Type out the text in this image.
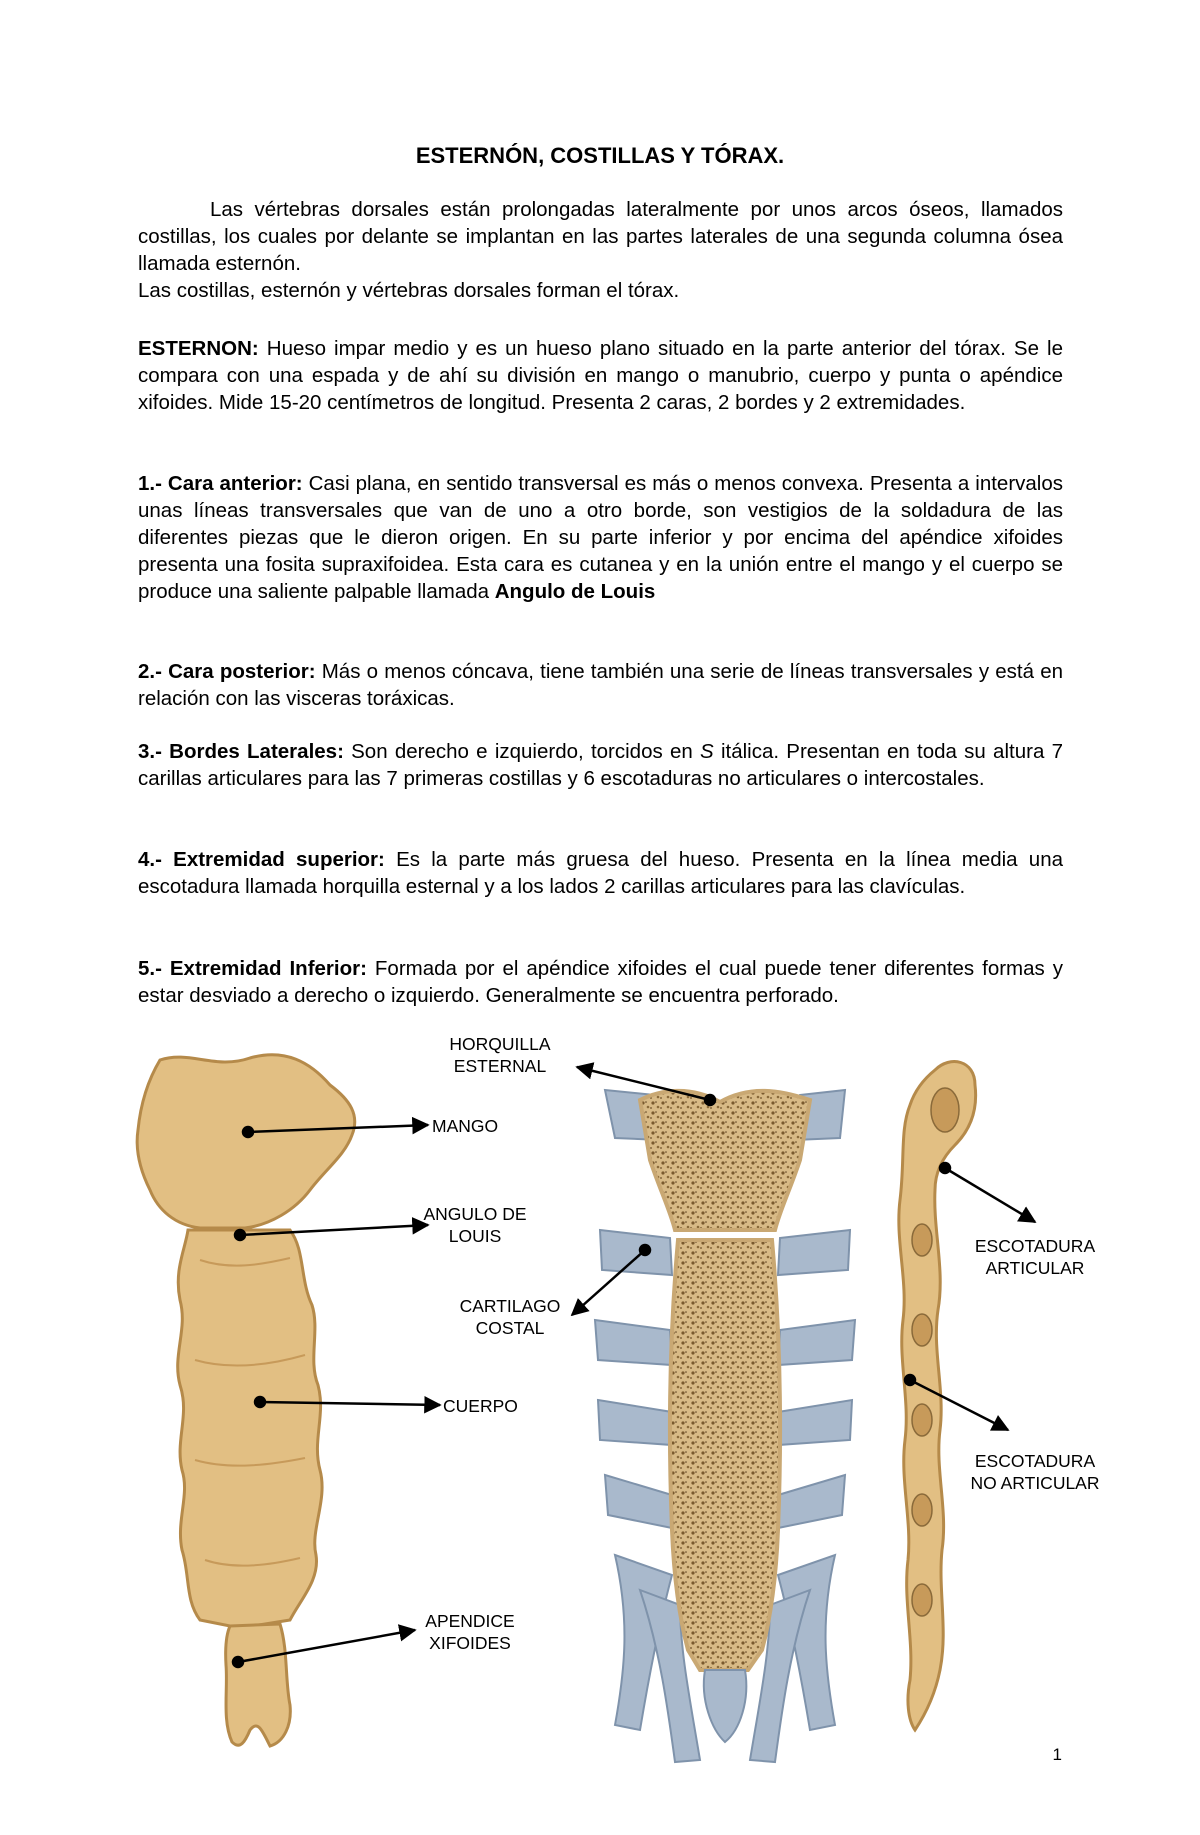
ESTERNÓN, COSTILLAS Y TÓRAX.

Las vértebras dorsales están prolongadas lateralmente por unos arcos óseos, llamados costillas, los cuales por delante se implantan en las partes laterales de una segunda columna ósea llamada esternón.

Las costillas, esternón y vértebras dorsales forman el tórax.

ESTERNON: Hueso impar medio y es un hueso plano situado en la parte anterior del tórax. Se le compara con una espada y de ahí su división en mango o manubrio, cuerpo y punta o apéndice xifoides. Mide 15-20 centímetros de longitud. Presenta 2 caras, 2 bordes y 2 extremidades.

1.- Cara anterior: Casi plana, en sentido transversal es más o menos convexa. Presenta a intervalos unas líneas transversales que van de uno a otro borde, son vestigios de la soldadura de las diferentes piezas que le dieron origen. En su parte inferior y por encima del apéndice xifoides presenta una fosita supraxifoidea. Esta cara es cutanea y en la unión entre el mango y el cuerpo se produce una saliente palpable llamada Angulo de Louis

2.- Cara posterior: Más o menos cóncava, tiene también una serie de líneas transversales y está en relación con las visceras toráxicas.

3.- Bordes Laterales: Son derecho e izquierdo, torcidos en S itálica. Presentan en toda su altura 7 carillas articulares para las 7 primeras costillas y 6 escotaduras no articulares o intercostales.

4.- Extremidad superior: Es la parte más gruesa del hueso. Presenta en la línea media una escotadura llamada horquilla esternal y a los lados 2 carillas articulares para las clavículas.

5.- Extremidad Inferior: Formada por el apéndice xifoides el cual puede tener diferentes formas y estar desviado a derecho o izquierdo. Generalmente se encuentra perforado.

HORQUILLA
ESTERNAL
MANGO
ANGULO DE
LOUIS
CARTILAGO
COSTAL
CUERPO
APENDICE
XIFOIDES
ESCOTADURA
ARTICULAR
ESCOTADURA
NO ARTICULAR
1
